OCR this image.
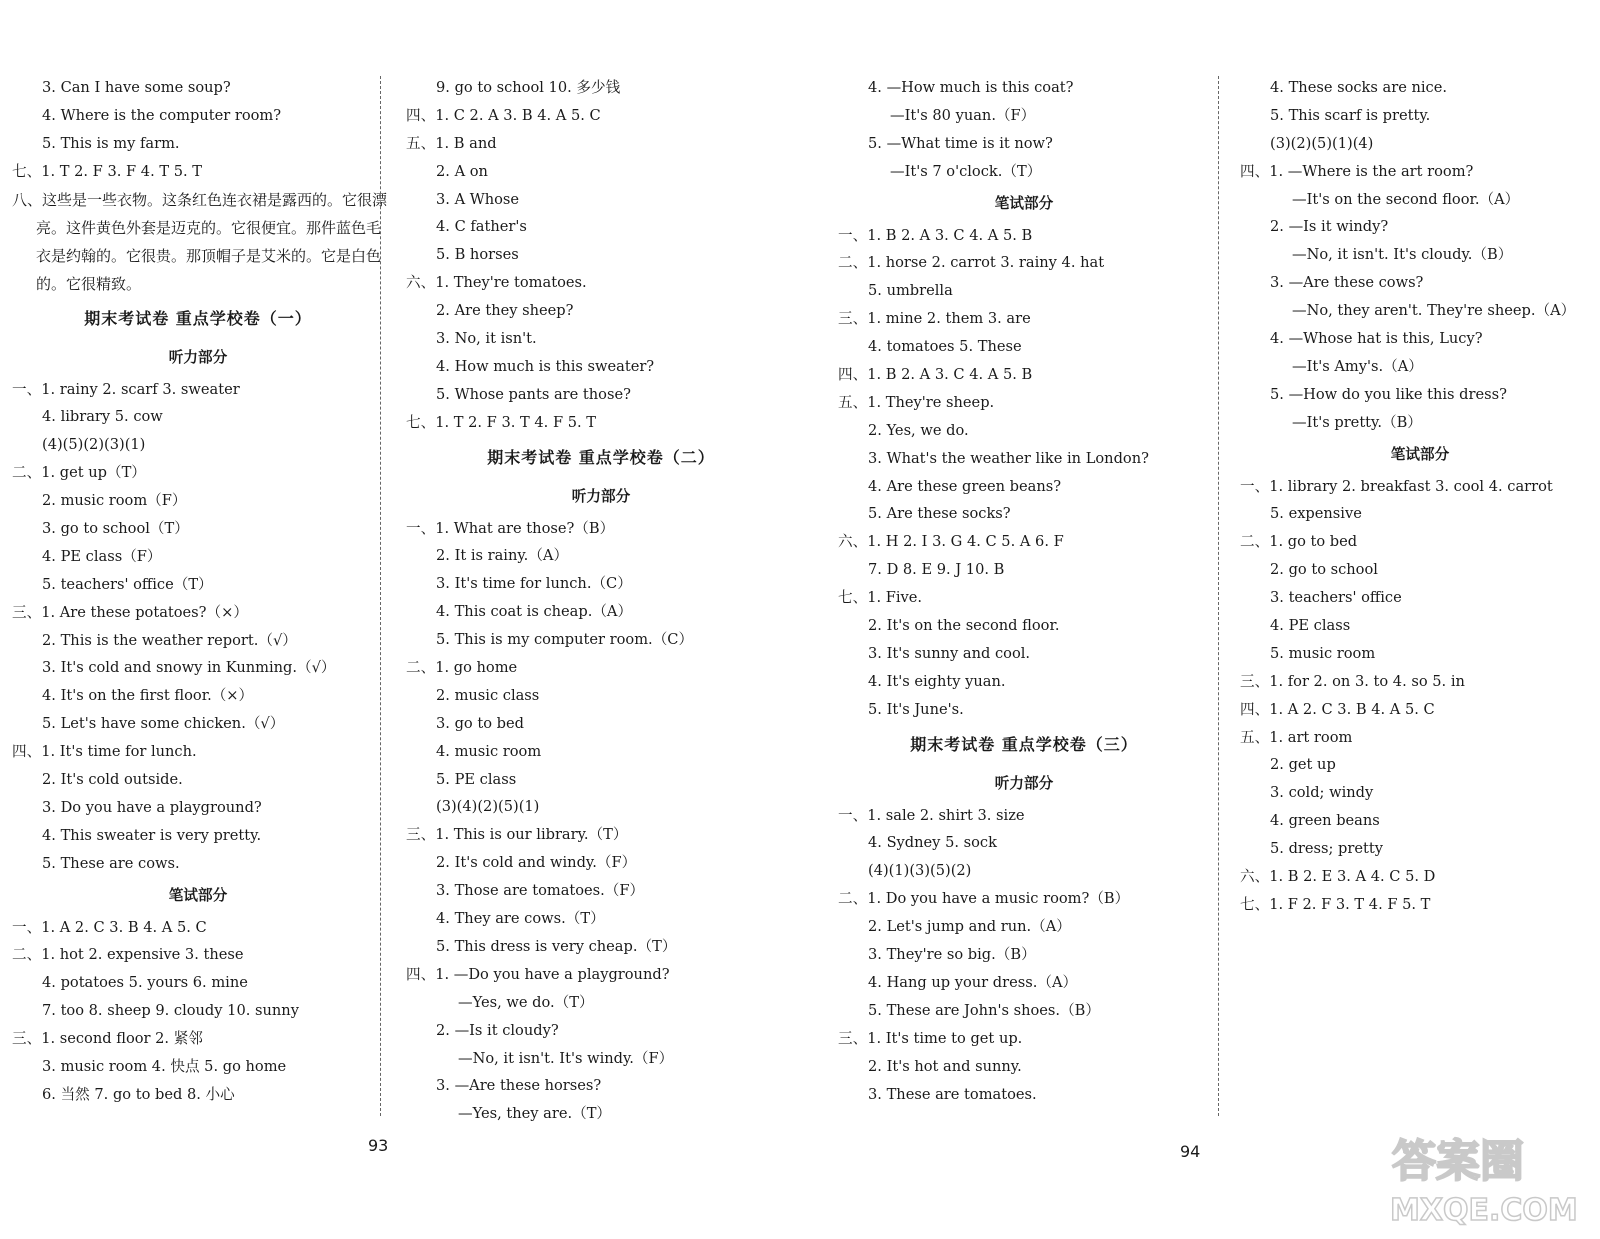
3. Can I have some soup?
4. Where is the computer room?
5. This is my farm.
七、1. T 2. F 3. F 4. T 5. T
八、这些是一些衣物。这条红色连衣裙是露西的。它很漂亮。这件黄色外套是迈克的。它很便宜。那件蓝色毛衣是约翰的。它很贵。那顶帽子是艾米的。它是白色的。它很精致。
期末考试卷 重点学校卷（一）
听力部分
一、1. rainy 2. scarf 3. sweater
4. library 5. cow
(4)(5)(2)(3)(1)
二、1. get up（T）
2. music room（F）
3. go to school（T）
4. PE class（F）
5. teachers' office（T）
三、1. Are these potatoes?（×）
2. This is the weather report.（√）
3. It's cold and snowy in Kunming.（√）
4. It's on the first floor.（×）
5. Let's have some chicken.（√）
四、1. It's time for lunch.
2. It's cold outside.
3. Do you have a playground?
4. This sweater is very pretty.
5. These are cows.
笔试部分
一、1. A 2. C 3. B 4. A 5. C
二、1. hot 2. expensive 3. these
4. potatoes 5. yours 6. mine
7. too 8. sheep 9. cloudy 10. sunny
三、1. second floor 2. 紧邻
3. music room 4. 快点 5. go home
6. 当然 7. go to bed 8. 小心
9. go to school 10. 多少钱
四、1. C 2. A 3. B 4. A 5. C
五、1. B and
2. A on
3. A Whose
4. C father's
5. B horses
六、1. They're tomatoes.
2. Are they sheep?
3. No, it isn't.
4. How much is this sweater?
5. Whose pants are those?
七、1. T 2. F 3. T 4. F 5. T
期末考试卷 重点学校卷（二）
听力部分
一、1. What are those?（B）
2. It is rainy.（A）
3. It's time for lunch.（C）
4. This coat is cheap.（A）
5. This is my computer room.（C）
二、1. go home
2. music class
3. go to bed
4. music room
5. PE class
(3)(4)(2)(5)(1)
三、1. This is our library.（T）
2. It's cold and windy.（F）
3. Those are tomatoes.（F）
4. They are cows.（T）
5. This dress is very cheap.（T）
四、1. —Do you have a playground?
—Yes, we do.（T）
2. —Is it cloudy?
—No, it isn't. It's windy.（F）
3. —Are these horses?
—Yes, they are.（T）
4. —How much is this coat?
—It's 80 yuan.（F）
5. —What time is it now?
—It's 7 o'clock.（T）
笔试部分
一、1. B 2. A 3. C 4. A 5. B
二、1. horse 2. carrot 3. rainy 4. hat
5. umbrella
三、1. mine 2. them 3. are
4. tomatoes 5. These
四、1. B 2. A 3. C 4. A 5. B
五、1. They're sheep.
2. Yes, we do.
3. What's the weather like in London?
4. Are these green beans?
5. Are these socks?
六、1. H 2. I 3. G 4. C 5. A 6. F
7. D 8. E 9. J 10. B
七、1. Five.
2. It's on the second floor.
3. It's sunny and cool.
4. It's eighty yuan.
5. It's June's.
期末考试卷 重点学校卷（三）
听力部分
一、1. sale 2. shirt 3. size
4. Sydney 5. sock
(4)(1)(3)(5)(2)
二、1. Do you have a music room?（B）
2. Let's jump and run.（A）
3. They're so big.（B）
4. Hang up your dress.（A）
5. These are John's shoes.（B）
三、1. It's time to get up.
2. It's hot and sunny.
3. These are tomatoes.
4. These socks are nice.
5. This scarf is pretty.
(3)(2)(5)(1)(4)
四、1. —Where is the art room?
—It's on the second floor.（A）
2. —Is it windy?
—No, it isn't. It's cloudy.（B）
3. —Are these cows?
—No, they aren't. They're sheep.（A）
4. —Whose hat is this, Lucy?
—It's Amy's.（A）
5. —How do you like this dress?
—It's pretty.（B）
笔试部分
一、1. library 2. breakfast 3. cool 4. carrot
5. expensive
二、1. go to bed
2. go to school
3. teachers' office
4. PE class
5. music room
三、1. for 2. on 3. to 4. so 5. in
四、1. A 2. C 3. B 4. A 5. C
五、1. art room
2. get up
3. cold; windy
4. green beans
5. dress; pretty
六、1. B 2. E 3. A 4. C 5. D
七、1. F 2. F 3. T 4. F 5. T
93	94	答案圈
MXQE.COM
